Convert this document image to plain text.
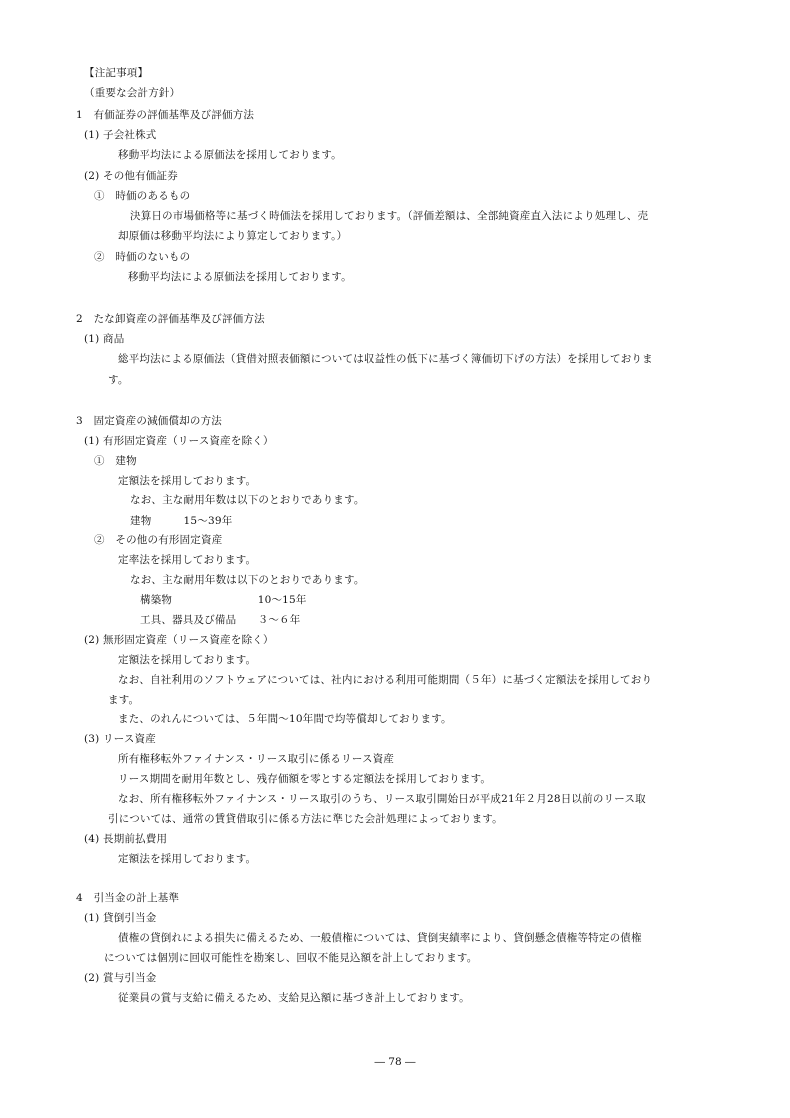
【注記事項】
（重要な会計方針）
1　有価証券の評価基準及び評価方法
(1) 子会社株式
移動平均法による原価法を採用しております。
(2) その他有価証券
①　時価のあるもの
決算日の市場価格等に基づく時価法を採用しております。（評価差額は、全部純資産直入法により処理し、売
却原価は移動平均法により算定しております。）
②　時価のないもの
移動平均法による原価法を採用しております。
2　たな卸資産の評価基準及び評価方法
(1) 商品
総平均法による原価法（貸借対照表価額については収益性の低下に基づく簿価切下げの方法）を採用しておりま
す。
3　固定資産の減価償却の方法
(1) 有形固定資産（リース資産を除く）
①　建物
定額法を採用しております。
なお、主な耐用年数は以下のとおりであります。
建物　　　15～39年
②　その他の有形固定資産
定率法を採用しております。
なお、主な耐用年数は以下のとおりであります。
構築物　　　　　　　　10～15年
工具、器具及び備品　　３～６年
(2) 無形固定資産（リース資産を除く）
定額法を採用しております。
なお、自社利用のソフトウェアについては、社内における利用可能期間（５年）に基づく定額法を採用しており
ます。
また、のれんについては、５年間～10年間で均等償却しております。
(3) リース資産
所有権移転外ファイナンス・リース取引に係るリース資産
リース期間を耐用年数とし、残存価額を零とする定額法を採用しております。
なお、所有権移転外ファイナンス・リース取引のうち、リース取引開始日が平成21年２月28日以前のリース取
引については、通常の賃貸借取引に係る方法に準じた会計処理によっております。
(4) 長期前払費用
定額法を採用しております。
4　引当金の計上基準
(1) 貸倒引当金
債権の貸倒れによる損失に備えるため、一般債権については、貸倒実績率により、貸倒懸念債権等特定の債権
については個別に回収可能性を勘案し、回収不能見込額を計上しております。
(2) 賞与引当金
従業員の賞与支給に備えるため、支給見込額に基づき計上しております。
― 78 ―
